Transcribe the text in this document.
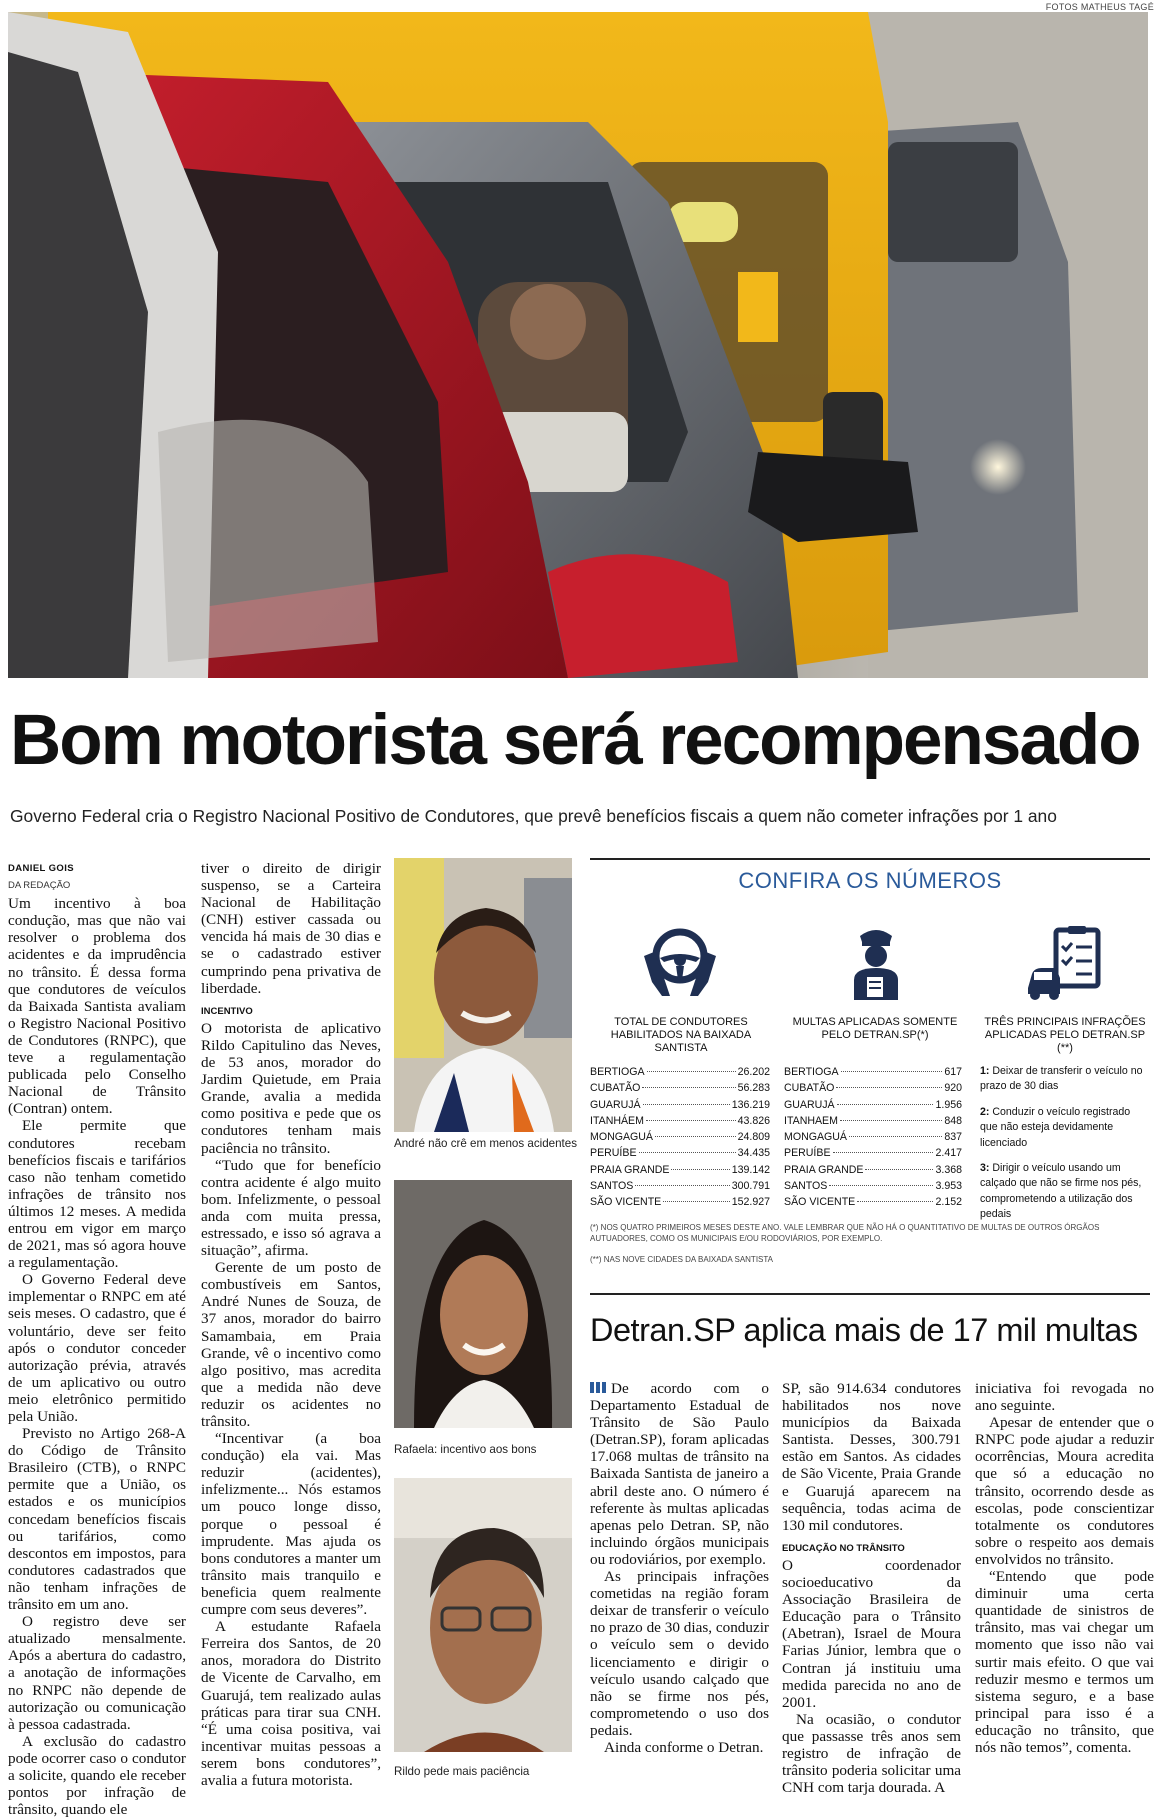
FOTOS MATHEUS TAGÉ
Bom motorista será recompensado
Governo Federal cria o Registro Nacional Positivo de Condutores, que prevê benefícios fiscais a quem não cometer infrações por 1 ano
DANIEL GOIS
DA REDAÇÃO

Um incentivo à boa condução, mas que não vai resolver o problema dos acidentes e da imprudência no trânsito. É dessa forma que condutores de veículos da Baixada Santista avaliam o Registro Nacional Positivo de Condutores (RNPC), que teve a regulamentação publicada pelo Conselho Nacional de Trânsito (Contran) ontem.

Ele permite que condutores recebam benefícios fiscais e tarifários caso não tenham cometido infrações de trânsito nos últimos 12 meses. A medida entrou em vigor em março de 2021, mas só agora houve a regulamentação.

O Governo Federal deve implementar o RNPC em até seis meses. O cadastro, que é voluntário, deve ser feito após o condutor conceder autorização prévia, através de um aplicativo ou outro meio eletrônico permitido pela União.

Previsto no Artigo 268-A do Código de Trânsito Brasileiro (CTB), o RNPC permite que a União, os estados e os municípios concedam benefícios fiscais ou tarifários, como descontos em impostos, para condutores cadastrados que não tenham infrações de trânsito em um ano.

O registro deve ser atualizado mensalmente. Após a abertura do cadastro, a anotação de informações no RNPC não depende de autorização ou comunicação à pessoa cadastrada.

A exclusão do cadastro pode ocorrer caso o condutor a solicite, quando ele receber pontos por infração de trânsito, quando ele

tiver o direito de dirigir suspenso, se a Carteira Nacional de Habilitação (CNH) estiver cassada ou vencida há mais de 30 dias e se o cadastrado estiver cumprindo pena privativa de liberdade.

INCENTIVO

O motorista de aplicativo Rildo Capitulino das Neves, de 53 anos, morador do Jardim Quietude, em Praia Grande, avalia a medida como positiva e pede que os condutores tenham mais paciência no trânsito.

“Tudo que for benefício contra acidente é algo muito bom. Infelizmente, o pessoal anda com muita pressa, estressado, e isso só agrava a situação”, afirma.

Gerente de um posto de combustíveis em Santos, André Nunes de Souza, de 37 anos, morador do bairro Samambaia, em Praia Grande, vê o incentivo como algo positivo, mas acredita que a medida não deve reduzir os acidentes no trânsito.

“Incentivar (a boa condução) ela vai. Mas reduzir (acidentes), infelizmente... Nós estamos um pouco longe disso, porque o pessoal é imprudente. Mas ajuda os bons condutores a manter um trânsito mais tranquilo e beneficia quem realmente cumpre com seus deveres”.

A estudante Rafaela Ferreira dos Santos, de 20 anos, moradora do Distrito de Vicente de Carvalho, em Guarujá, tem realizado aulas práticas para tirar sua CNH. “É uma coisa positiva, vai incentivar muitas pessoas a serem bons condutores”, avalia a futura motorista.

André não crê em menos acidentes
Rafaela: incentivo aos bons
Rildo pede mais paciência
CONFIRA OS NÚMEROS
TOTAL DE CONDUTORES HABILITADOS NA BAIXADA SANTISTA
MULTAS APLICADAS SOMENTE PELO DETRAN.SP(*)
TRÊS PRINCIPAIS INFRAÇÕES APLICADAS PELO DETRAN.SP (**)
BERTIOGA	26.202
CUBATÃO	56.283
GUARUJÁ	136.219
ITANHÁEM	43.826
MONGAGUÁ	24.809
PERUÍBE	34.435
PRAIA GRANDE	139.142
SANTOS	300.791
SÃO VICENTE	152.927
BERTIOGA	617
CUBATÃO	920
GUARUJÁ	1.956
ITANHAEM	848
MONGAGUÁ	837
PERUÍBE	2.417
PRAIA GRANDE	3.368
SANTOS	3.953
SÃO VICENTE	2.152
1: Deixar de transferir o veículo no prazo de 30 dias
2: Conduzir o veículo registrado que não esteja devidamente licenciado
3: Dirigir o veículo usando um calçado que não se firme nos pés, comprometendo a utilização dos pedais
(*) NOS QUATRO PRIMEIROS MESES DESTE ANO. VALE LEMBRAR QUE NÃO HÁ O QUANTITATIVO DE MULTAS DE OUTROS ÓRGÃOS AUTUADORES, COMO OS MUNICIPAIS E/OU RODOVIÁRIOS, POR EXEMPLO.
(**) NAS NOVE CIDADES DA BAIXADA SANTISTA
Detran.SP aplica mais de 17 mil multas

De acordo com o Departamento Estadual de Trânsito de São Paulo (Detran.SP), foram aplicadas 17.068 multas de trânsito na Baixada Santista de janeiro a abril deste ano. O número é referente às multas aplicadas apenas pelo Detran. SP, não incluindo órgãos municipais ou rodoviários, por exemplo.

As principais infrações cometidas na região foram deixar de transferir o veículo no prazo de 30 dias, conduzir o veículo sem o devido licenciamento e dirigir o veículo usando calçado que não se firme nos pés, comprometendo o uso dos pedais.

Ainda conforme o Detran.

SP, são 914.634 condutores habilitados nos nove municípios da Baixada Santista. Desses, 300.791 estão em Santos. As cidades de São Vicente, Praia Grande e Guarujá aparecem na sequência, todas acima de 130 mil condutores.

EDUCAÇÃO NO TRÂNSITO

O coordenador socioeducativo da Associação Brasileira de Educação para o Trânsito (Abetran), Israel de Moura Farias Júnior, lembra que o Contran já instituiu uma medida parecida no ano de 2001.

Na ocasião, o condutor que passasse três anos sem registro de infração de trânsito poderia solicitar uma CNH com tarja dourada. A

iniciativa foi revogada no ano seguinte.

Apesar de entender que o RNPC pode ajudar a reduzir ocorrências, Moura acredita que só a educação no trânsito, ocorrendo desde as escolas, pode conscientizar totalmente os condutores sobre o respeito aos demais envolvidos no trânsito.

“Entendo que pode diminuir uma certa quantidade de sinistros de trânsito, mas vai chegar um momento que isso não vai surtir mais efeito. O que vai reduzir mesmo e termos um sistema seguro, e a base principal para isso é a educação no trânsito, que nós não temos”, comenta.
